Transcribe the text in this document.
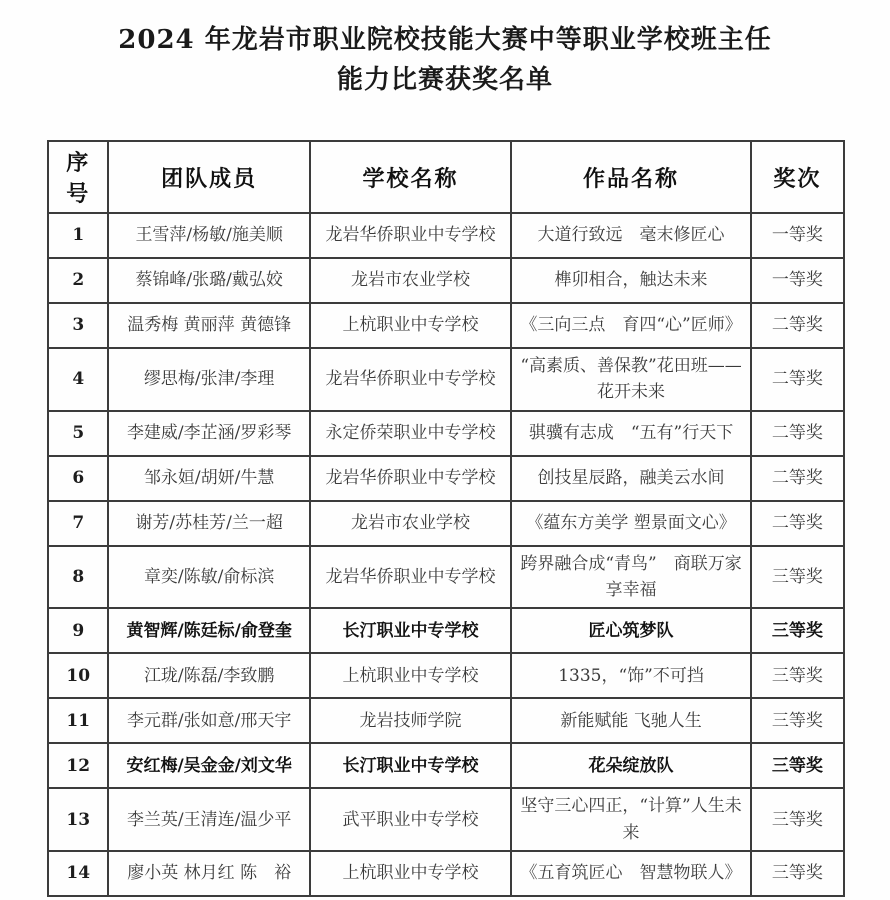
2024 年龙岩市职业院校技能大赛中等职业学校班主任
能力比赛获奖名单
序号	团队成员	学校名称	作品名称	奖次
1	王雪萍/杨敏/施美顺	龙岩华侨职业中专学校	大道行致远　毫末修匠心	一等奖
2	蔡锦峰/张璐/戴弘姣	龙岩市农业学校	榫卯相合，触达未来	一等奖
3	温秀梅 黄丽萍 黄德锋	上杭职业中专学校	《三向三点　育四“心”匠师》	二等奖
4	缪思梅/张津/李理	龙岩华侨职业中专学校	“高素质、善保教”花田班——花开未来	二等奖
5	李建威/李芷涵/罗彩琴	永定侨荣职业中专学校	骐骥有志成　“五有”行天下	二等奖
6	邹永姮/胡妍/牛慧	龙岩华侨职业中专学校	创技星辰路，融美云水间	二等奖
7	谢芳/苏桂芳/兰一超	龙岩市农业学校	《蕴东方美学 塑景面文心》	二等奖
8	章奕/陈敏/俞标滨	龙岩华侨职业中专学校	跨界融合成“青鸟”　商联万家享幸福	三等奖
9	黄智辉/陈廷标/俞登奎	长汀职业中专学校	匠心筑梦队	三等奖
10	江珑/陈磊/李致鹏	上杭职业中专学校	1335，“饰”不可挡	三等奖
11	李元群/张如意/邢天宇	龙岩技师学院	新能赋能 飞驰人生	三等奖
12	安红梅/吴金金/刘文华	长汀职业中专学校	花朵绽放队	三等奖
13	李兰英/王清连/温少平	武平职业中专学校	坚守三心四正，“计算”人生未来	三等奖
14	廖小英 林月红 陈　裕	上杭职业中专学校	《五育筑匠心　智慧物联人》	三等奖
